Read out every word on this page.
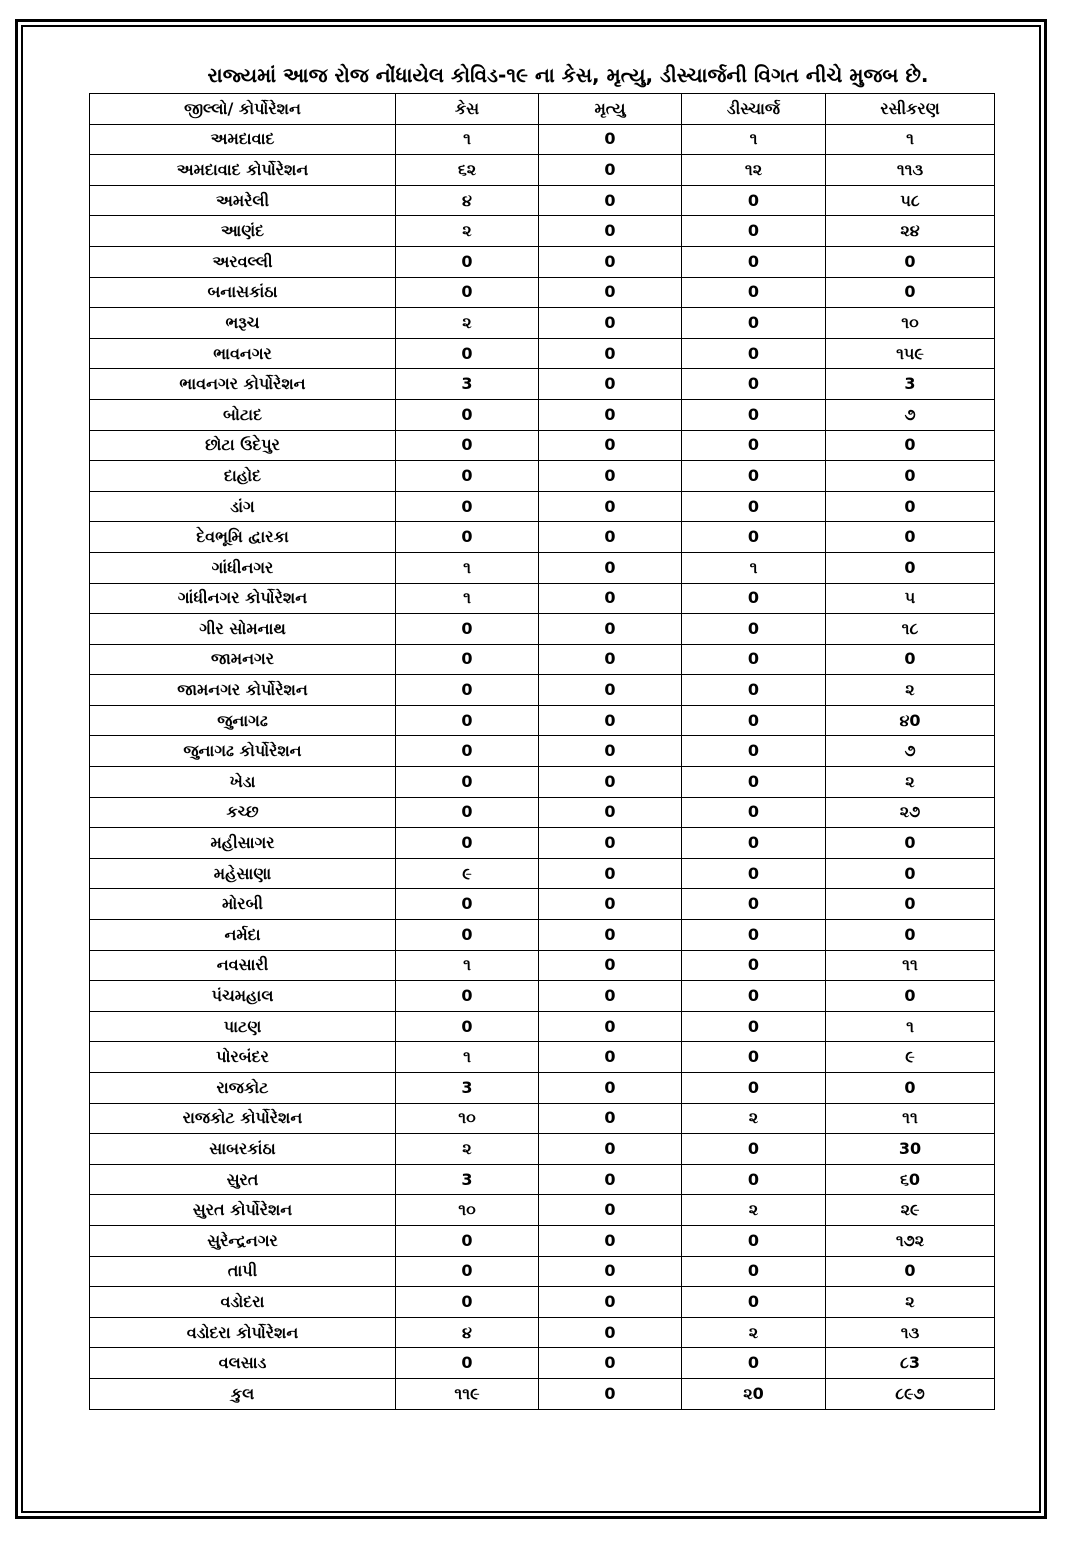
રાજ્યમાં આજ રોજ નોંધાયેલ કોવિડ-૧૯ ના કેસ, મૃત્યુ, ડીસ્ચાર્જની વિગત નીચે મુજબ છે.
જીલ્લો/ કોર્પોરેશન	કેસ	મૃત્યુ	ડીસ્ચાર્જ	રસીકરણ
અમદાવાદ	૧	0	૧	૧
અમદાવાદ કોર્પોરેશન	૬૨	0	૧૨	૧૧૩
અમરેલી	૪	0	0	૫૮
આણંદ	૨	0	0	૨૪
અરવલ્લી	0	0	0	0
બનાસકાંઠા	0	0	0	0
ભરૂચ	૨	0	0	૧૦
ભાવનગર	0	0	0	૧૫૯
ભાવનગર કોર્પોરેશન	3	0	0	3
બોટાદ	0	0	0	૭
છોટા ઉદેપુર	0	0	0	0
દાહોદ	0	0	0	0
ડાંગ	0	0	0	0
દેવભૂમિ દ્વારકા	0	0	0	0
ગાંધીનગર	૧	0	૧	0
ગાંધીનગર કોર્પોરેશન	૧	0	0	૫
ગીર સોમનાથ	0	0	0	૧૮
જામનગર	0	0	0	0
જામનગર કોર્પોરેશન	0	0	0	૨
જુનાગઢ	0	0	0	૪0
જુનાગઢ કોર્પોરેશન	0	0	0	૭
ખેડા	0	0	0	૨
કચ્છ	0	0	0	૨૭
મહીસાગર	0	0	0	0
મહેસાણા	૯	0	0	0
મોરબી	0	0	0	0
નર્મદા	0	0	0	0
નવસારી	૧	0	0	૧૧
પંચમહાલ	0	0	0	0
પાટણ	0	0	0	૧
પોરબંદર	૧	0	0	૯
રાજકોટ	3	0	0	0
રાજકોટ કોર્પોરેશન	૧૦	0	૨	૧૧
સાબરકાંઠા	૨	0	0	30
સુરત	3	0	0	૬0
સુરત કોર્પોરેશન	૧૦	0	૨	૨૯
સુરેન્દ્રનગર	0	0	0	૧૭૨
તાપી	0	0	0	0
વડોદરા	0	0	0	૨
વડોદરા કોર્પોરેશન	૪	0	૨	૧૩
વલસાડ	0	0	0	૮3
કુલ	૧૧૯	0	૨0	૮૯૭
